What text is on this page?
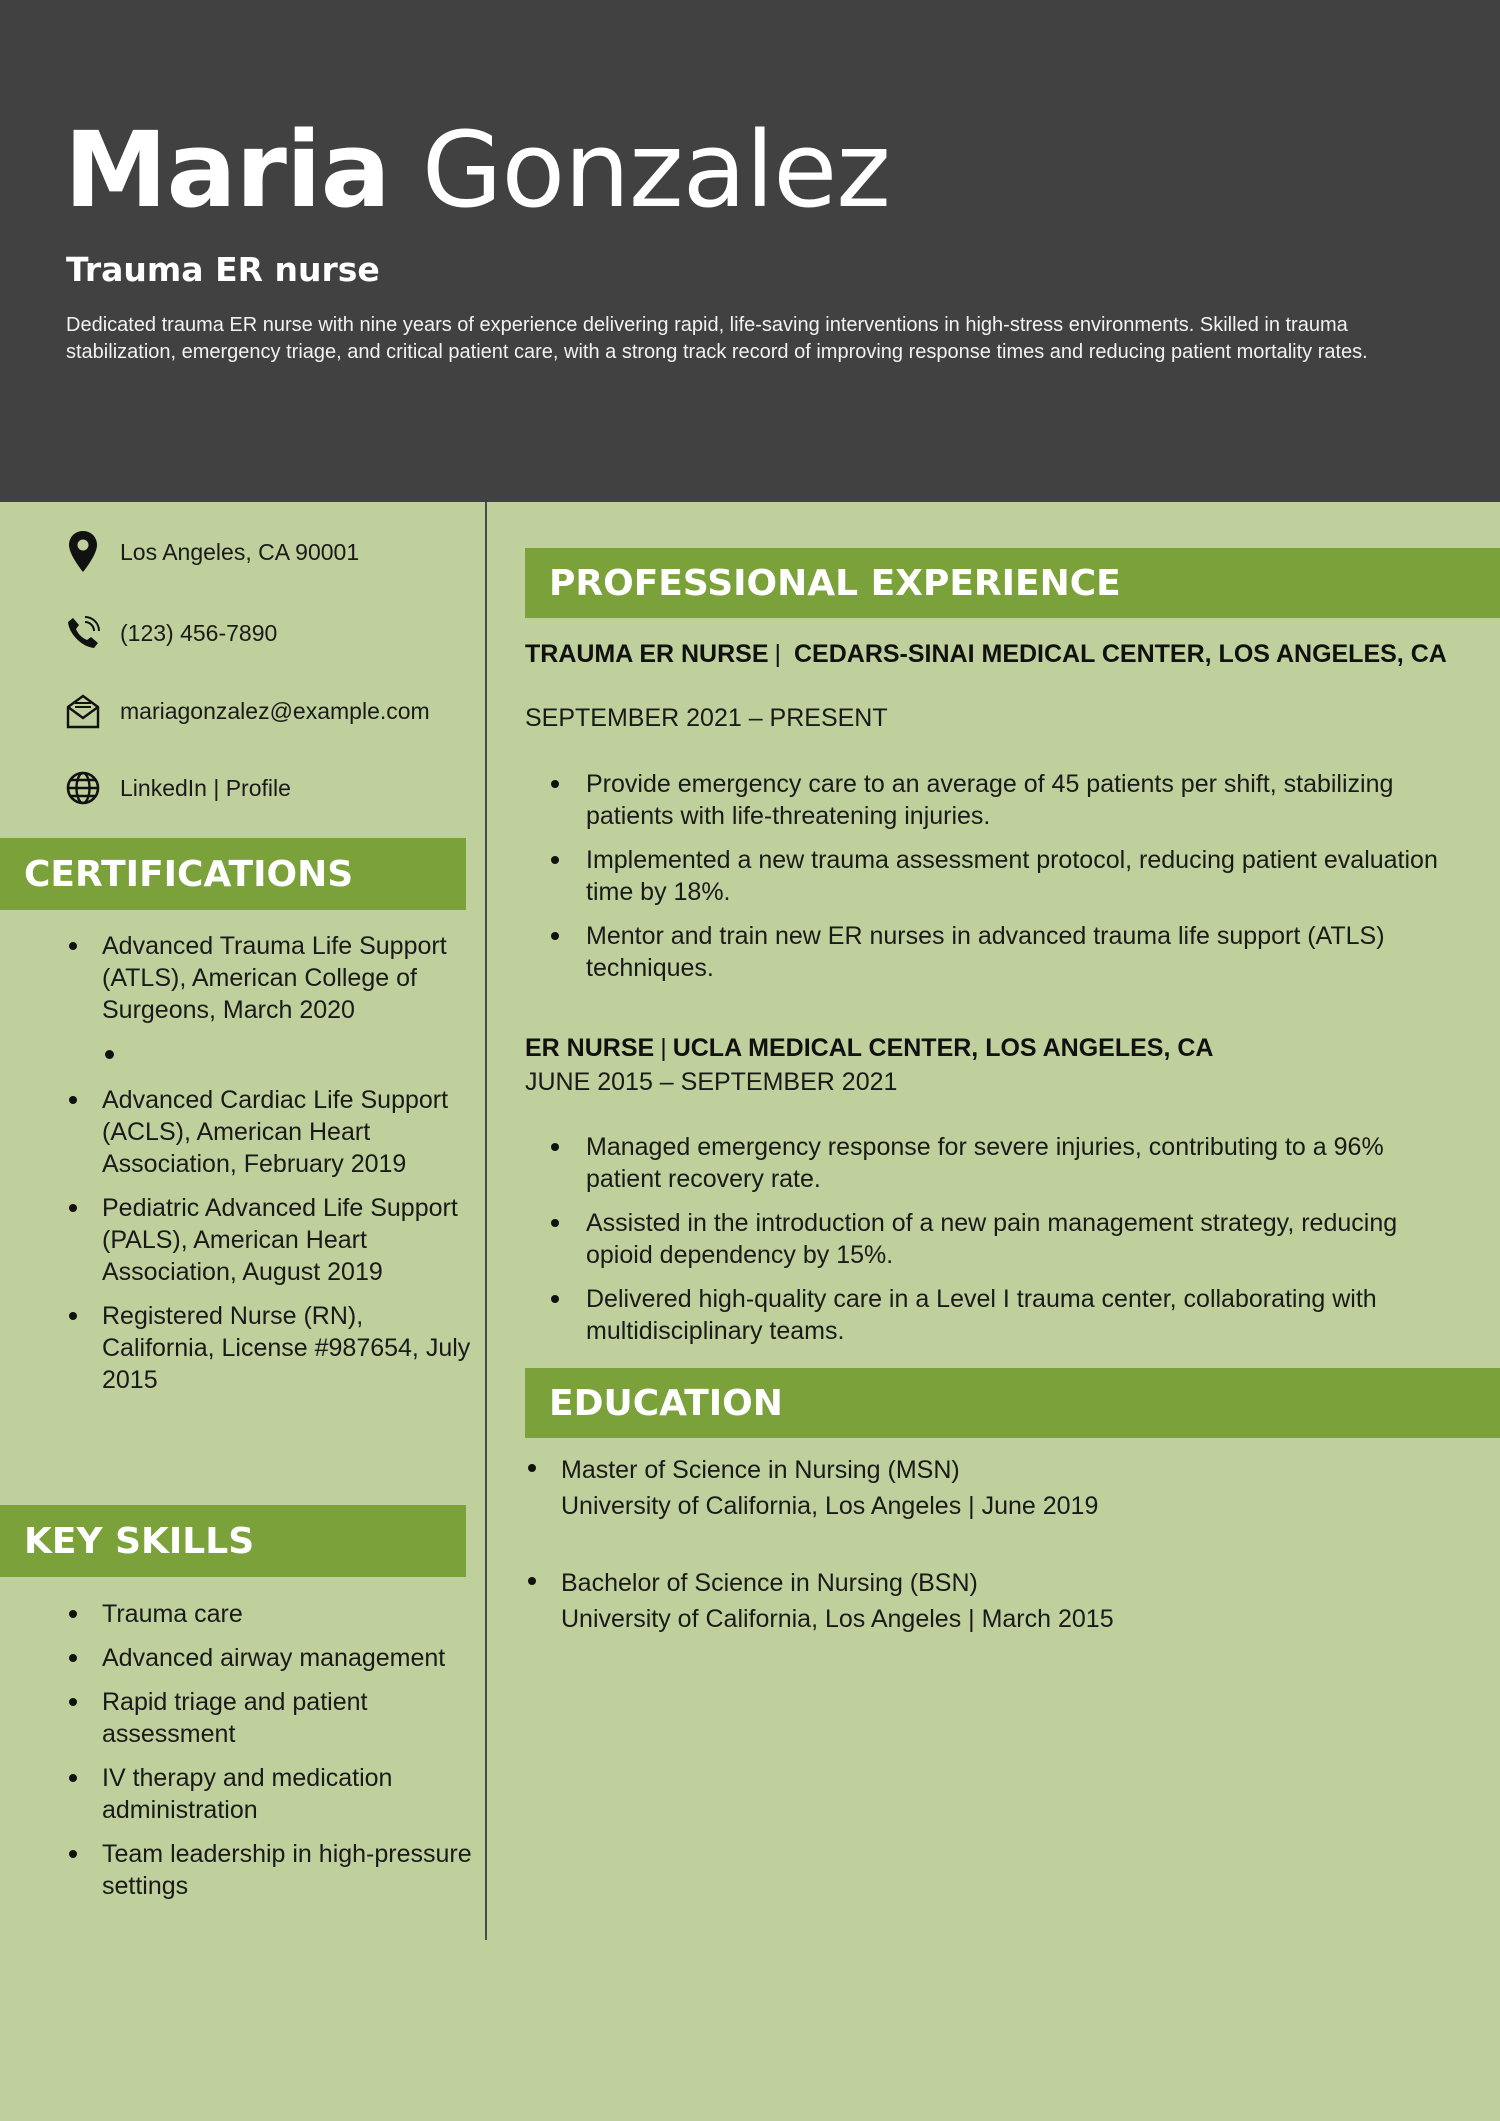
Maria Gonzalez
Trauma ER nurse
Dedicated trauma ER nurse with nine years of experience delivering rapid, life-saving interventions in high-stress environments. Skilled in trauma stabilization, emergency triage, and critical patient care, with a strong track record of improving response times and reducing patient mortality rates.
Los Angeles, CA 90001
(123) 456-7890
mariagonzalez@example.com
LinkedIn | Profile
CERTIFICATIONS
Advanced Trauma Life Support (ATLS), American College of Surgeons, March 2020
Advanced Cardiac Life Support (ACLS), American Heart Association, February 2019
Pediatric Advanced Life Support (PALS), American Heart Association, August 2019
Registered Nurse (RN), California, License #987654, July 2015
KEY SKILLS
Trauma care
Advanced airway management
Rapid triage and patient assessment
IV therapy and medication administration
Team leadership in high-pressure settings
PROFESSIONAL EXPERIENCE
TRAUMA ER NURSE | CEDARS-SINAI MEDICAL CENTER, LOS ANGELES, CA
SEPTEMBER 2021 – PRESENT
Provide emergency care to an average of 45 patients per shift, stabilizing patients with life-threatening injuries.
Implemented a new trauma assessment protocol, reducing patient evaluation time by 18%.
Mentor and train new ER nurses in advanced trauma life support (ATLS) techniques.
ER NURSE | UCLA MEDICAL CENTER, LOS ANGELES, CA
JUNE 2015 – SEPTEMBER 2021
Managed emergency response for severe injuries, contributing to a 96% patient recovery rate.
Assisted in the introduction of a new pain management strategy, reducing opioid dependency by 15%.
Delivered high-quality care in a Level I trauma center, collaborating with multidisciplinary teams.
EDUCATION
Master of Science in Nursing (MSN)
University of California, Los Angeles | June 2019
Bachelor of Science in Nursing (BSN)
University of California, Los Angeles | March 2015
